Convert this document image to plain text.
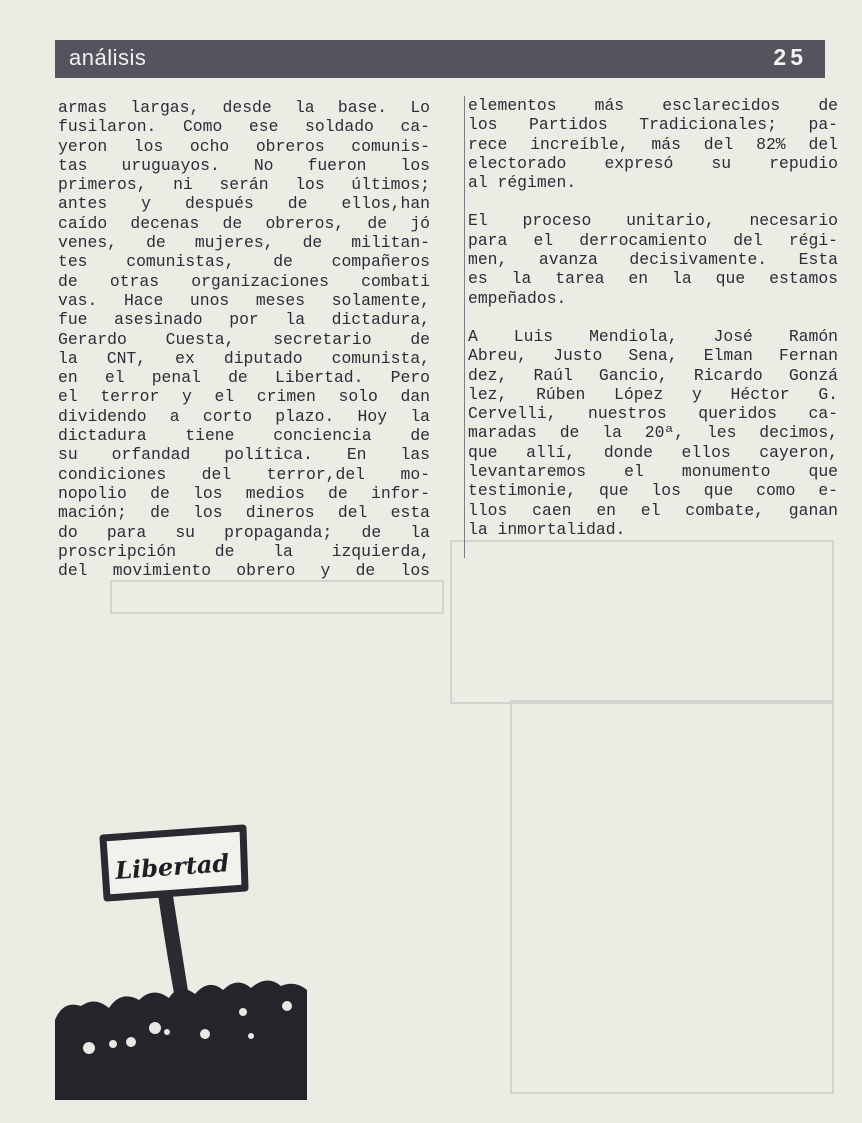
análisis	25

armas largas, desde la base. Lo
fusilaron. Como ese soldado ca-
yeron los ocho obreros comunis-
tas uruguayos. No fueron los
primeros, ni serán los últimos;
antes y después de ellos,han
caído decenas de obreros, de jó
venes, de mujeres, de militan-
tes comunistas, de compañeros
de otras organizaciones combati
vas. Hace unos meses solamente,
fue asesinado por la dictadura,
Gerardo Cuesta, secretario de
la CNT, ex diputado comunista,
en el penal de Libertad. Pero
el terror y el crimen solo dan
dividendo a corto plazo. Hoy la
dictadura tiene conciencia de
su orfandad política. En las
condiciones del terror,del mo-
nopolio de los medios de infor-
mación; de los dineros del esta
do para su propaganda; de la
proscripción de la izquierda,
del movimiento obrero y de los

elementos más esclarecidos de
los Partidos Tradicionales; pa-
rece increíble, más del 82% del
electorado expresó su repudio
al régimen.

El proceso unitario, necesario
para el derrocamiento del régi-
men, avanza decisivamente. Esta
es la tarea en la que estamos
empeñados.

A Luis Mendiola, José Ramón
Abreu, Justo Sena, Elman Fernan
dez, Raúl Gancio, Ricardo Gonzá
lez, Rúben López y Héctor G.
Cervelli, nuestros queridos ca-
maradas de la 20ª, les decimos,
que allí, donde ellos cayeron,
levantaremos el monumento que
testimonie, que los que como e-
llos caen en el combate, ganan
la inmortalidad.

Libertad
